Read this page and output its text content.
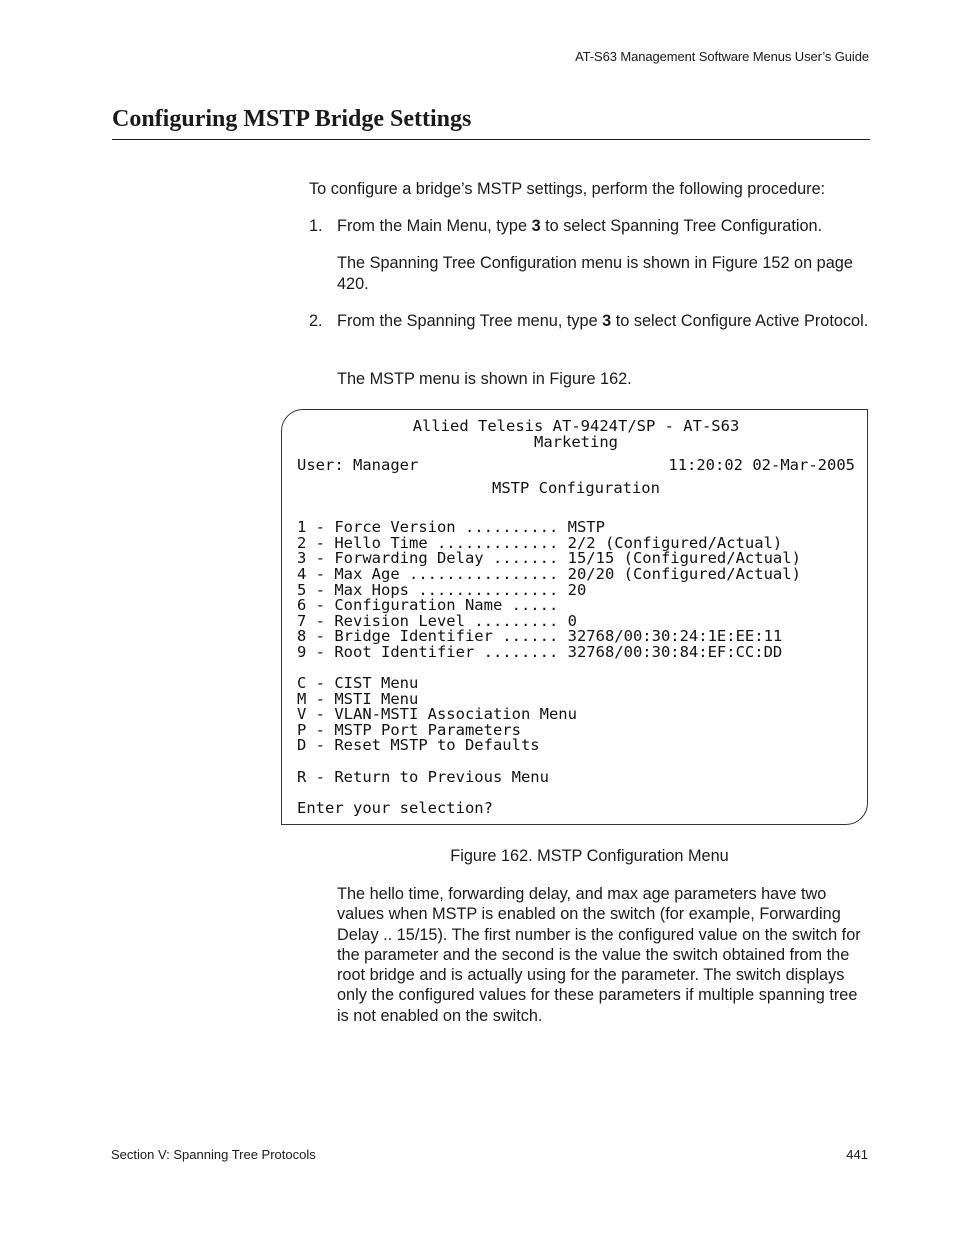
AT-S63 Management Software Menus User’s Guide
Configuring MSTP Bridge Settings
To configure a bridge’s MSTP settings, perform the following procedure:
1. From the Main Menu, type 3 to select Spanning Tree Configuration.
The Spanning Tree Configuration menu is shown in Figure 152 on page 420.
2. From the Spanning Tree menu, type 3 to select Configure Active Protocol.
The MSTP menu is shown in Figure 162.
Allied Telesis AT-9424T/SP - AT-S63
Marketing
User: Manager	11:20:02 02-Mar-2005
MSTP Configuration
1 - Force Version .......... MSTP
2 - Hello Time ............. 2/2 (Configured/Actual)
3 - Forwarding Delay ....... 15/15 (Configured/Actual)
4 - Max Age ................ 20/20 (Configured/Actual)
5 - Max Hops ............... 20
6 - Configuration Name .....
7 - Revision Level ......... 0
8 - Bridge Identifier ...... 32768/00:30:24:1E:EE:11
9 - Root Identifier ........ 32768/00:30:84:EF:CC:DD
C - CIST Menu
M - MSTI Menu
V - VLAN-MSTI Association Menu
P - MSTP Port Parameters
D - Reset MSTP to Defaults
R - Return to Previous Menu
Enter your selection?
Figure 162. MSTP Configuration Menu
The hello time, forwarding delay, and max age parameters have two values when MSTP is enabled on the switch (for example, Forwarding Delay .. 15/15). The first number is the configured value on the switch for the parameter and the second is the value the switch obtained from the root bridge and is actually using for the parameter. The switch displays only the configured values for these parameters if multiple spanning tree is not enabled on the switch.
Section V: Spanning Tree Protocols	441
